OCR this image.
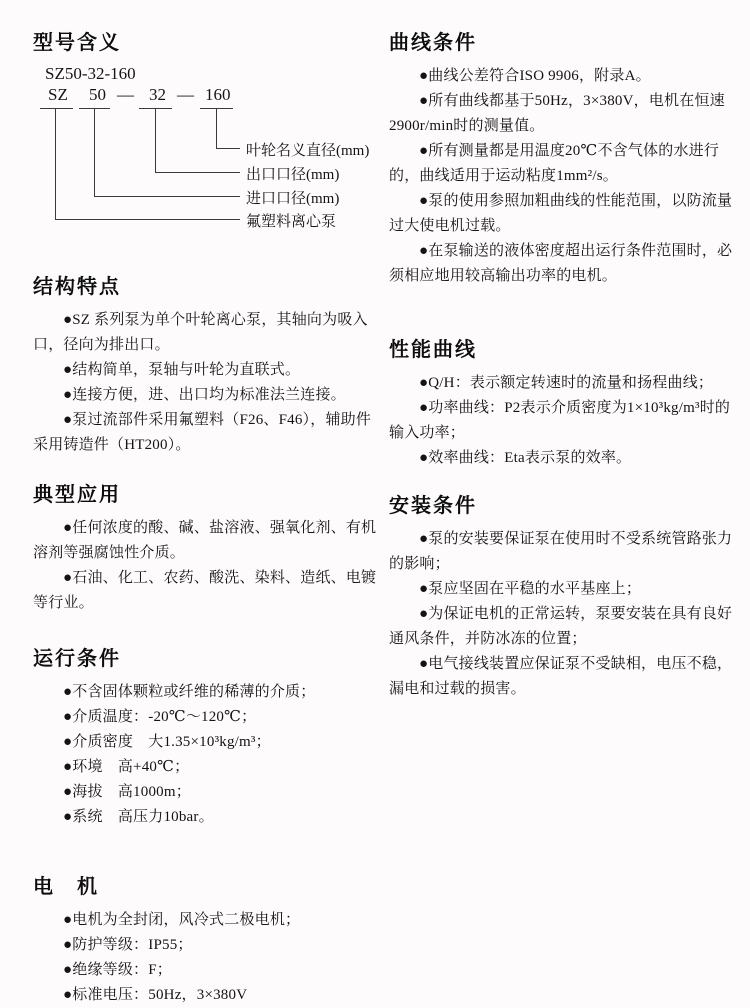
型号含义
SZ50-32-160
SZ 50 — 32 — 160
叶轮名义直径(mm)
出口口径(mm)
进口口径(mm)
氟塑料离心泵
结构特点

●SZ 系列泵为单个叶轮离心泵，其轴向为吸入口，径向为排出口。

●结构简单，泵轴与叶轮为直联式。

●连接方便，进、出口均为标准法兰连接。

●泵过流部件采用氟塑料（F26、F46），辅助件采用铸造件（HT200）。

典型应用

●任何浓度的酸、碱、盐溶液、强氧化剂、有机溶剂等强腐蚀性介质。

●石油、化工、农药、酸洗、染料、造纸、电镀等行业。

运行条件

●不含固体颗粒或纤维的稀薄的介质；

●介质温度：-20℃～120℃；

●介质密度　大1.35×10³kg/m³；

●环境　高+40℃；

●海拔　高1000m；

●系统　高压力10bar。

电　机

●电机为全封闭，风冷式二极电机；

●防护等级：IP55；

●绝缘等级：F；

●标准电压：50Hz，3×380V

曲线条件

●曲线公差符合ISO 9906，附录A。

●所有曲线都基于50Hz，3×380V，电机在恒速2900r/min时的测量值。

●所有测量都是用温度20℃不含气体的水进行的，曲线适用于运动粘度1mm²/s。

●泵的使用参照加粗曲线的性能范围，以防流量过大使电机过载。

●在泵输送的液体密度超出运行条件范围时，必须相应地用较高输出功率的电机。

性能曲线

●Q/H：表示额定转速时的流量和扬程曲线；

●功率曲线：P2表示介质密度为1×10³kg/m³时的输入功率；

●效率曲线：Eta表示泵的效率。

安装条件

●泵的安装要保证泵在使用时不受系统管路张力的影响；

●泵应坚固在平稳的水平基座上；

●为保证电机的正常运转，泵要安装在具有良好通风条件，并防冰冻的位置；

●电气接线装置应保证泵不受缺相，电压不稳，漏电和过载的损害。
